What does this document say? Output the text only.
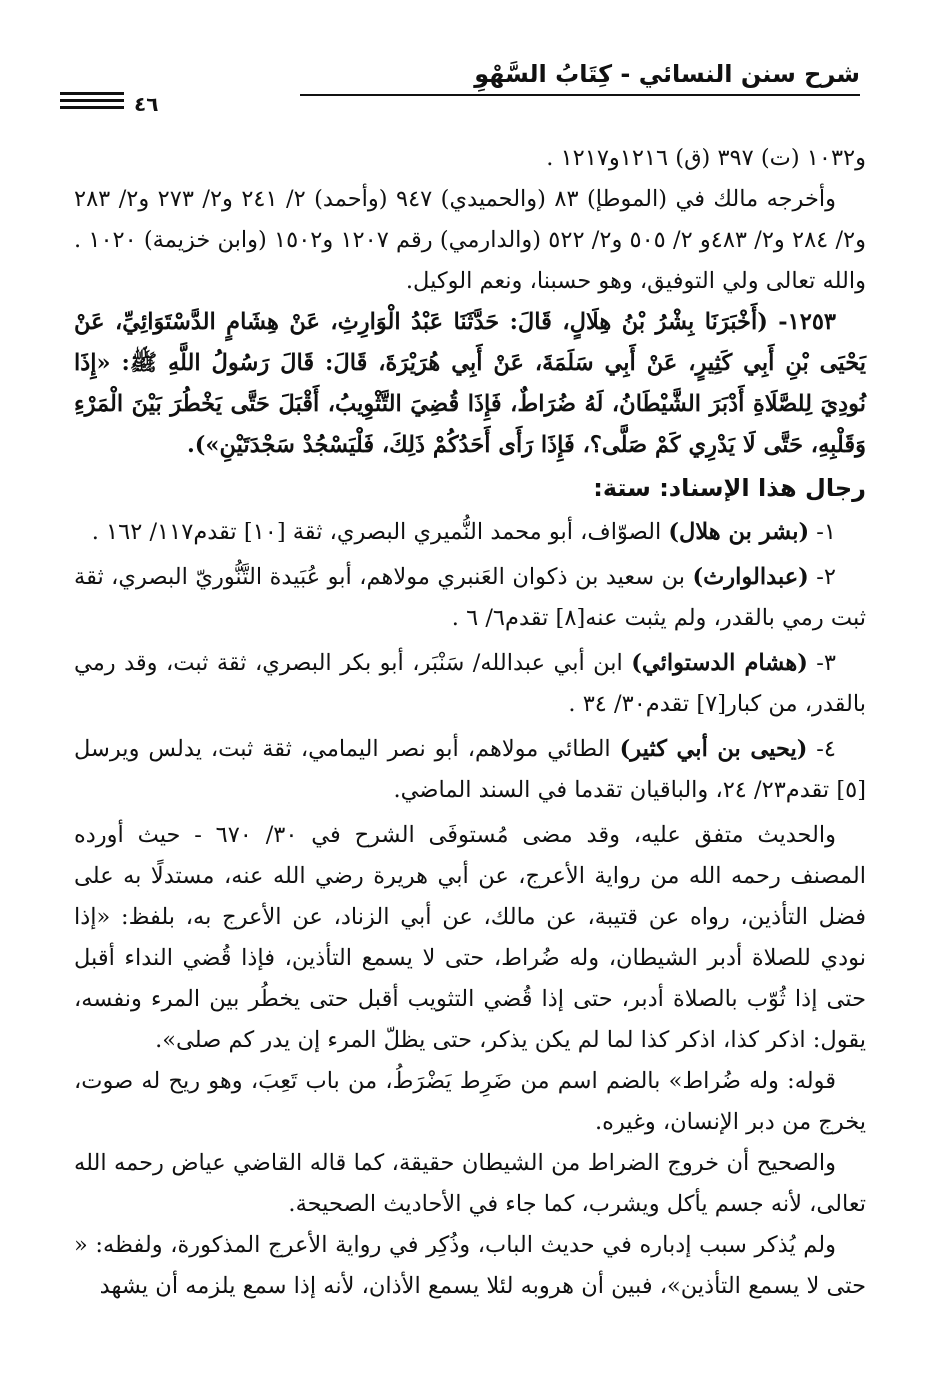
شرح سنن النسائي - كِتَابُ السَّهْوِ
٤٦

و١٠٣٢ (ت) ٣٩٧ (ق) ١٢١٦و١٢١٧ .

وأخرجه مالك في (الموطإ) ٨٣ (والحميدي) ٩٤٧ (وأحمد) ٢/ ٢٤١ و٢/ ٢٧٣ و٢/ ٢٨٣ و٢/ ٢٨٤ و٢/ ٤٨٣و ٢/ ٥٠٥ و٢/ ٥٢٢ (والدارمي) رقم ١٢٠٧ و١٥٠٢ (وابن خزيمة) ١٠٢٠ . والله تعالى ولي التوفيق، وهو حسبنا، ونعم الوكيل.

١٢٥٣- (أَخْبَرَنَا بِشْرُ بْنُ هِلَالٍ، قَالَ: حَدَّثَنَا عَبْدُ الْوَارِثِ، عَنْ هِشَامٍ الدَّسْتَوَائِيِّ، عَنْ يَحْيَى بْنِ أَبِي كَثِيرٍ، عَنْ أَبِي سَلَمَةَ، عَنْ أَبِي هُرَيْرَةَ، قَالَ: قَالَ رَسُولُ اللَّهِ ﷺ: «إِذَا نُودِيَ لِلصَّلَاةِ أَدْبَرَ الشَّيْطَانُ، لَهُ ضُرَاطٌ، فَإِذَا قُضِيَ التَّثْوِيبُ، أَقْبَلَ حَتَّى يَخْطُرَ بَيْنَ الْمَرْءِ وَقَلْبِهِ، حَتَّى لَا يَدْرِي كَمْ صَلَّى؟، فَإِذَا رَأَى أَحَدُكُمْ ذَلِكَ، فَلْيَسْجُدْ سَجْدَتَيْنِ»).

رجال هذا الإسناد: ستة:

١- (بشر بن هلال) الصوّاف، أبو محمد النُّميري البصري، ثقة [١٠] تقدم١١٧/ ١٦٢ .

٢- (عبدالوارث) بن سعيد بن ذكوان العَنبري مولاهم، أبو عُبَيدة التَّنُّوريّ البصري، ثقة ثبت رمي بالقدر، ولم يثبت عنه[٨] تقدم٦/ ٦ .

٣- (هشام الدستوائي) ابن أبي عبدالله/ سَنْبَر، أبو بكر البصري، ثقة ثبت، وقد رمي بالقدر، من كبار[٧] تقدم٣٠/ ٣٤ .

٤- (يحيى بن أبي كثير) الطائي مولاهم، أبو نصر اليمامي، ثقة ثبت، يدلس ويرسل [٥] تقدم٢٣/ ٢٤، والباقيان تقدما في السند الماضي.

والحديث متفق عليه، وقد مضى مُستوفَى الشرح في ٣٠/ ٦٧٠ - حيث أورده المصنف رحمه الله من رواية الأعرج، عن أبي هريرة رضي الله عنه، مستدلًا به على فضل التأذين، رواه عن قتيبة، عن مالك، عن أبي الزناد، عن الأعرج به، بلفظ: «إذا نودي للصلاة أدبر الشيطان، وله ضُراط، حتى لا يسمع التأذين، فإذا قُضي النداء أقبل حتى إذا ثُوّب بالصلاة أدبر، حتى إذا قُضي التثويب أقبل حتى يخطُر بين المرء ونفسه، يقول: اذكر كذا، اذكر كذا لما لم يكن يذكر، حتى يظلّ المرء إن يدر كم صلى».

قوله: وله ضُراط» بالضم اسم من ضَرِط يَضْرَطُ، من باب تَعِبَ، وهو ريح له صوت، يخرج من دبر الإنسان، وغيره.

والصحيح أن خروج الضراط من الشيطان حقيقة، كما قاله القاضي عياض رحمه الله تعالى، لأنه جسم يأكل ويشرب، كما جاء في الأحاديث الصحيحة.

ولم يُذكر سبب إدباره في حديث الباب، وذُكِر في رواية الأعرج المذكورة، ولفظه: « حتى لا يسمع التأذين»، فبين أن هروبه لئلا يسمع الأذان، لأنه إذا سمع يلزمه أن يشهد
